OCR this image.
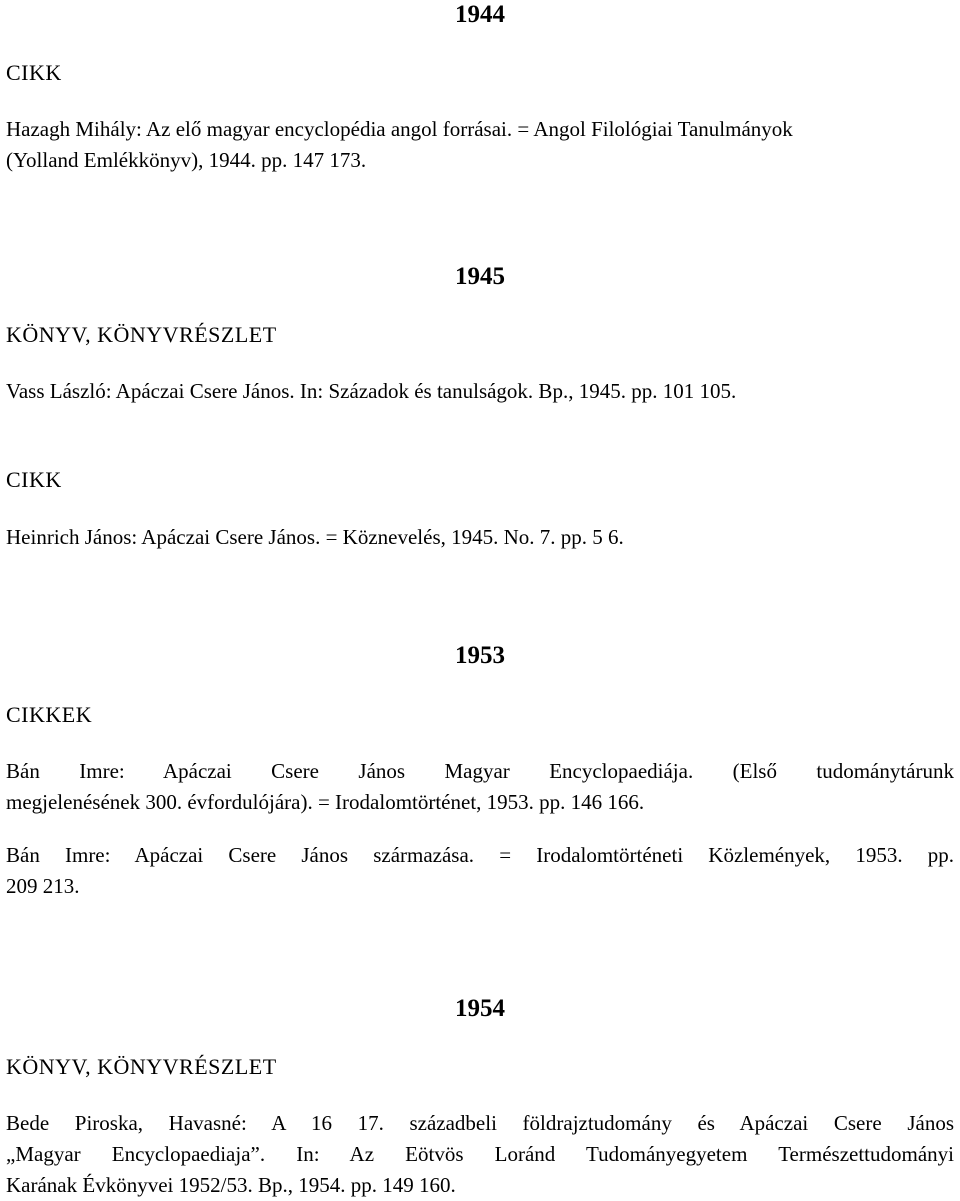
1944
CIKK
Hazagh Mihály: Az elő magyar encyclopédia angol forrásai. = Angol Filológiai Tanulmányok
(Yolland Emlékkönyv), 1944. pp. 147 173.
1945
KÖNYV, KÖNYVRÉSZLET
Vass László: Apáczai Csere János. In: Századok és tanulságok. Bp., 1945. pp. 101 105.
CIKK
Heinrich János: Apáczai Csere János. = Köznevelés, 1945. No. 7. pp. 5 6.
1953
CIKKEK
Bán Imre: Apáczai Csere János Magyar Encyclopaediája. (Első tudománytárunk
megjelenésének 300. évfordulójára). = Irodalomtörténet, 1953. pp. 146 166.
Bán Imre: Apáczai Csere János származása. = Irodalomtörténeti Közlemények, 1953. pp.
209 213.
1954
KÖNYV, KÖNYVRÉSZLET
Bede Piroska, Havasné: A 16 17. századbeli földrajztudomány és Apáczai Csere János
„Magyar Encyclopaediaja”. In: Az Eötvös Loránd Tudományegyetem Természettudományi
Karának Évkönyvei 1952/53. Bp., 1954. pp. 149 160.
